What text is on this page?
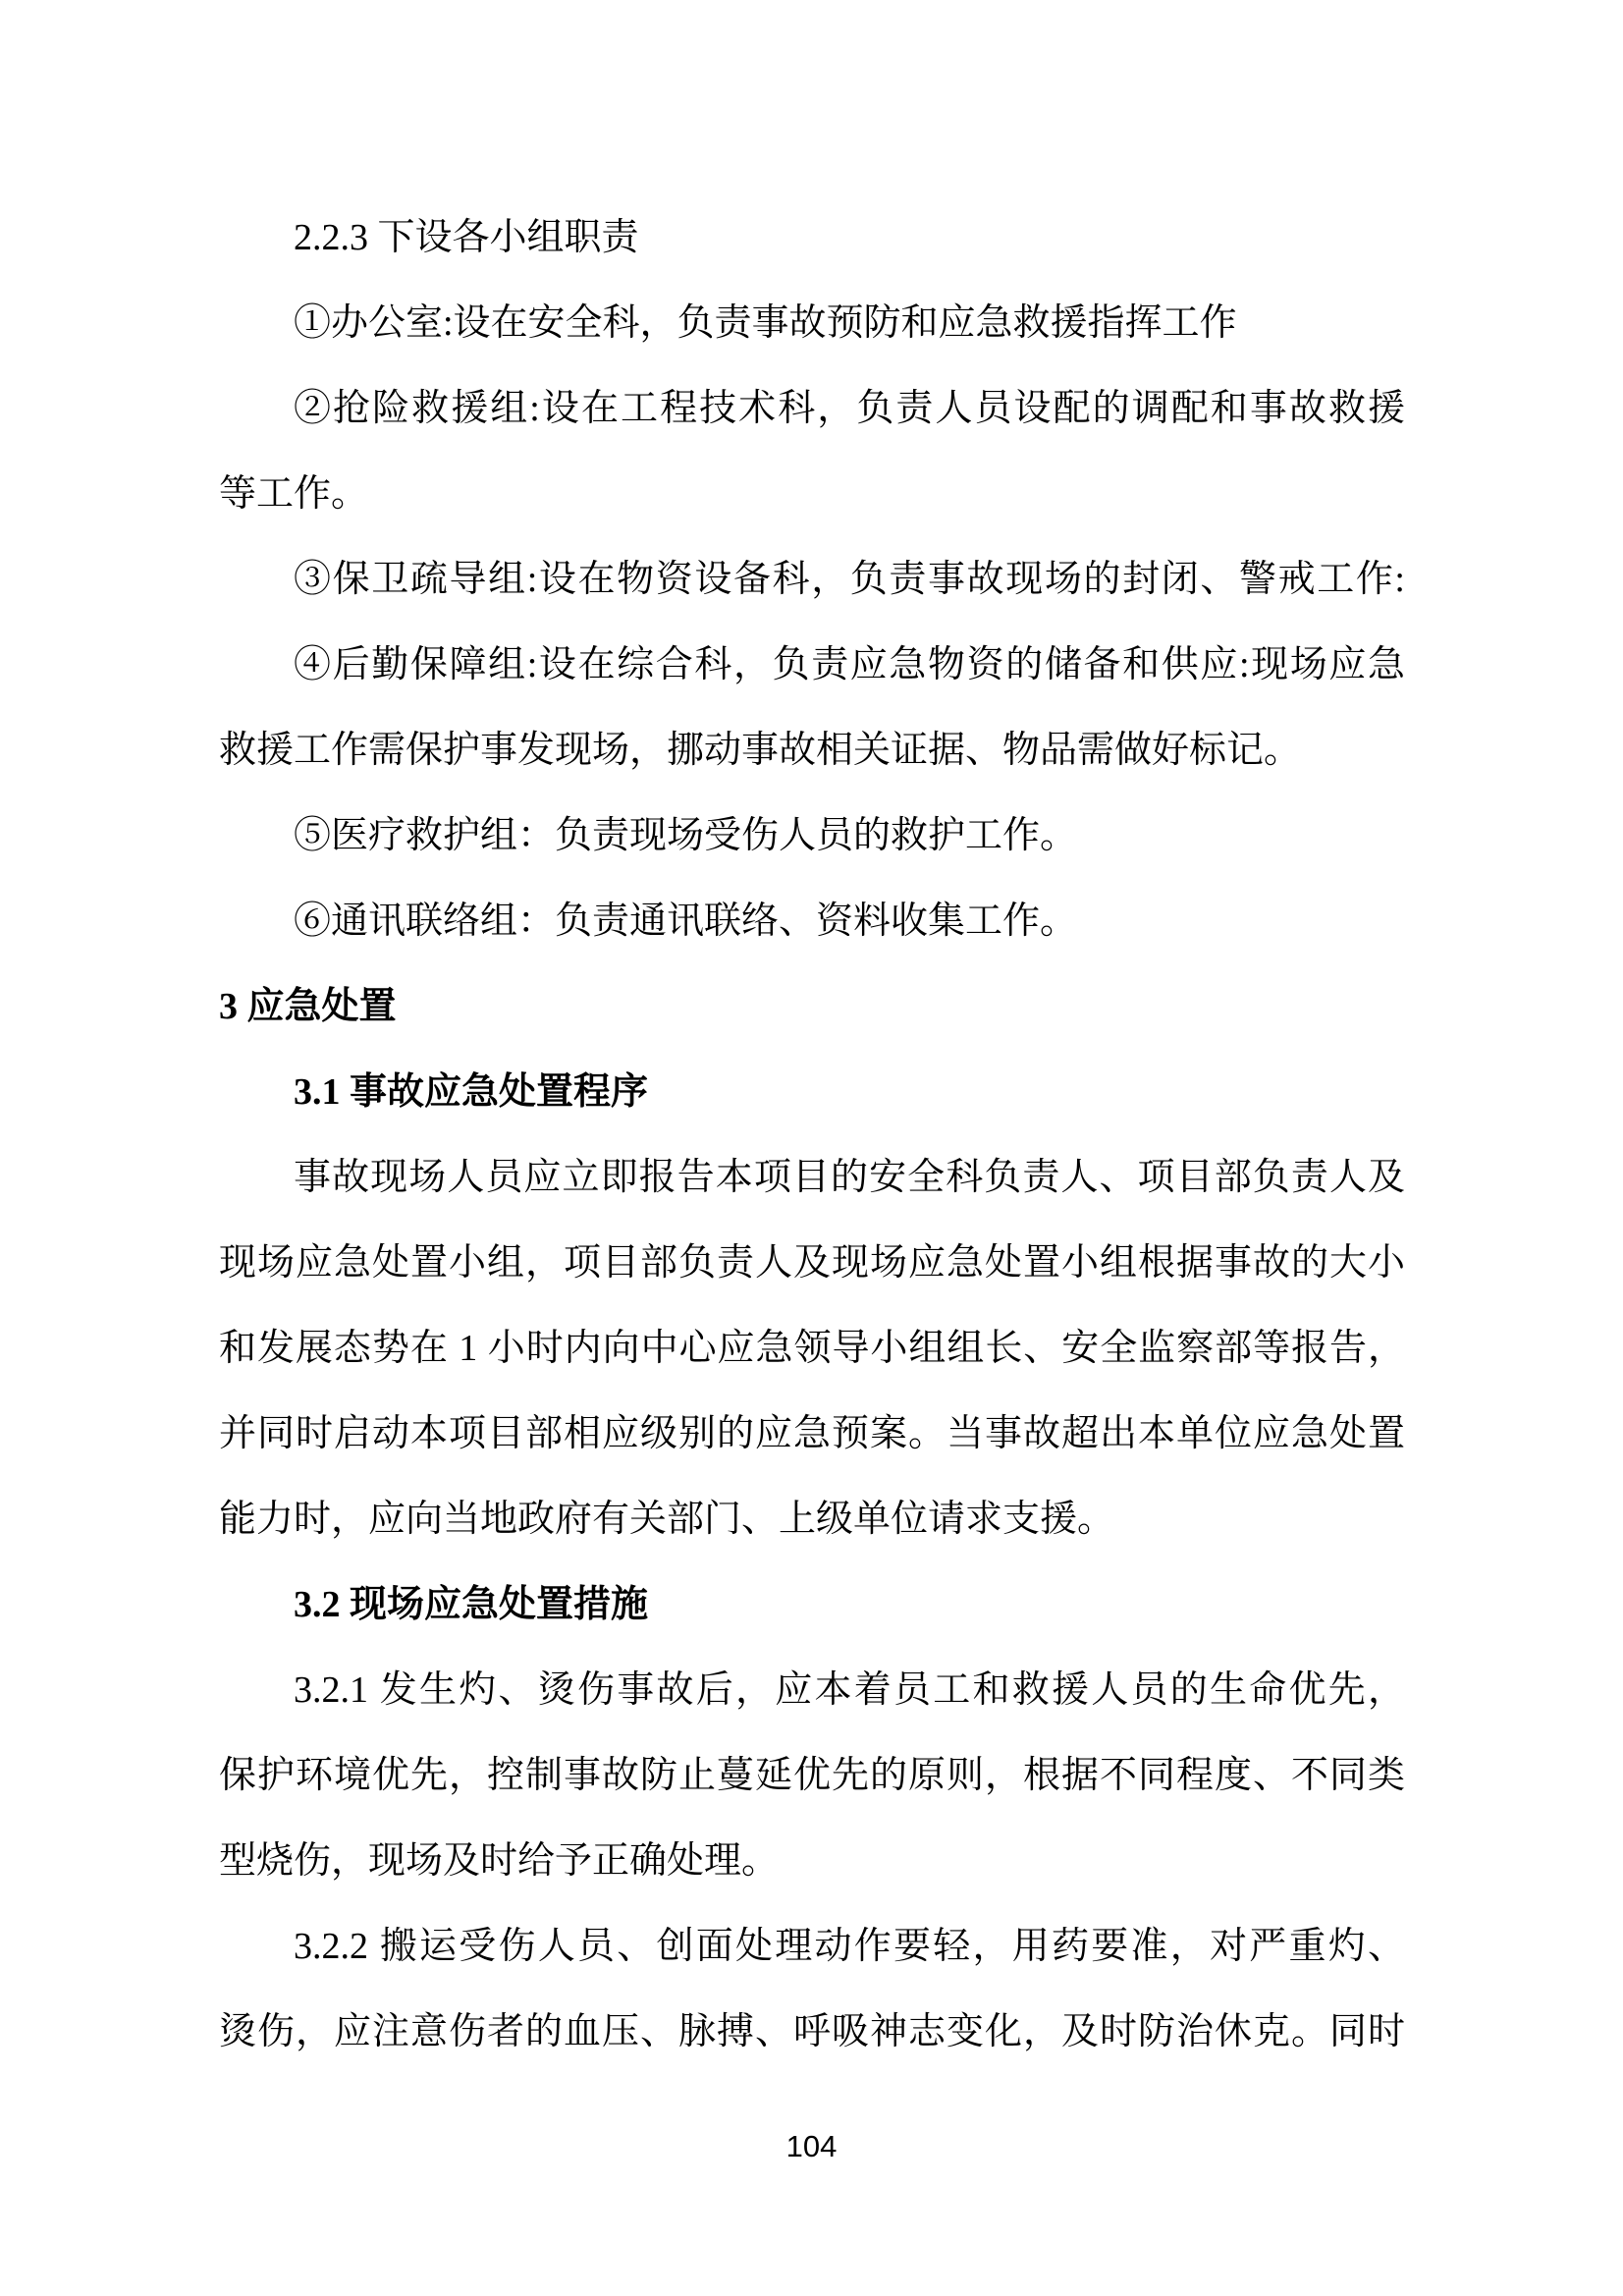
2.2.3 下设各小组职责
①办公室:设在安全科，负责事故预防和应急救援指挥工作
②抢险救援组:设在工程技术科，负责人员设配的调配和事故救援
等工作。
③保卫疏导组:设在物资设备科，负责事故现场的封闭、警戒工作:
④后勤保障组:设在综合科，负责应急物资的储备和供应:现场应急
救援工作需保护事发现场，挪动事故相关证据、物品需做好标记。
⑤医疗救护组：负责现场受伤人员的救护工作。
⑥通讯联络组：负责通讯联络、资料收集工作。
3 应急处置
3.1 事故应急处置程序
事故现场人员应立即报告本项目的安全科负责人、项目部负责人及
现场应急处置小组，项目部负责人及现场应急处置小组根据事故的大小
和发展态势在 1 小时内向中心应急领导小组组长、安全监察部等报告，
并同时启动本项目部相应级别的应急预案。当事故超出本单位应急处置
能力时，应向当地政府有关部门、上级单位请求支援。
3.2 现场应急处置措施
3.2.1 发生灼、烫伤事故后，应本着员工和救援人员的生命优先，
保护环境优先，控制事故防止蔓延优先的原则，根据不同程度、不同类
型烧伤，现场及时给予正确处理。
3.2.2 搬运受伤人员、创面处理动作要轻，用药要准，对严重灼、
烫伤，应注意伤者的血压、脉搏、呼吸神志变化，及时防治休克。同时
104
